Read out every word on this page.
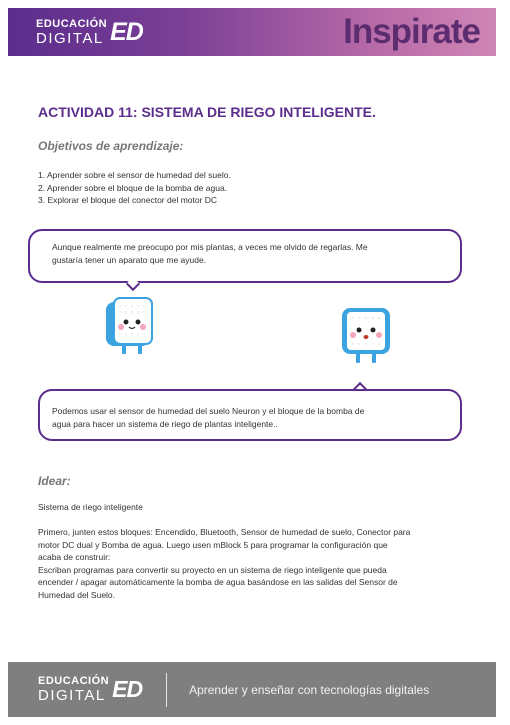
EDUCACIÓN
DIGITAL ED	Inspirate
ACTIVIDAD 11: SISTEMA DE RIEGO INTELIGENTE.
Objetivos de aprendizaje:
1. Aprender sobre el sensor de humedad del suelo.
2. Aprender sobre el bloque de la bomba de agua.
3. Explorar el bloque del conector del motor DC
Aunque realmente me preocupo por mis plantas, a veces me olvido de regarlas. Me
gustaría tener un aparato que me ayude.
Podemos usar el sensor de humedad del suelo Neuron y el bloque de la bomba de
agua para hacer un sistema de riego de plantas inteligente..
Idear:
Sistema de riego inteligente
Primero, junten estos bloques: Encendido, Bluetooth, Sensor de humedad de suelo, Conector para
motor DC dual y Bomba de agua. Luego usen mBlock 5 para programar la configuración que
acaba de construir:
Escriban programas para convertir su proyecto en un sistema de riego inteligente que pueda
encender / apagar automáticamente la bomba de agua basándose en las salidas del Sensor de
Humedad del Suelo.
EDUCACIÓN
DIGITAL ED	Aprender y enseñar con tecnologías digitales
